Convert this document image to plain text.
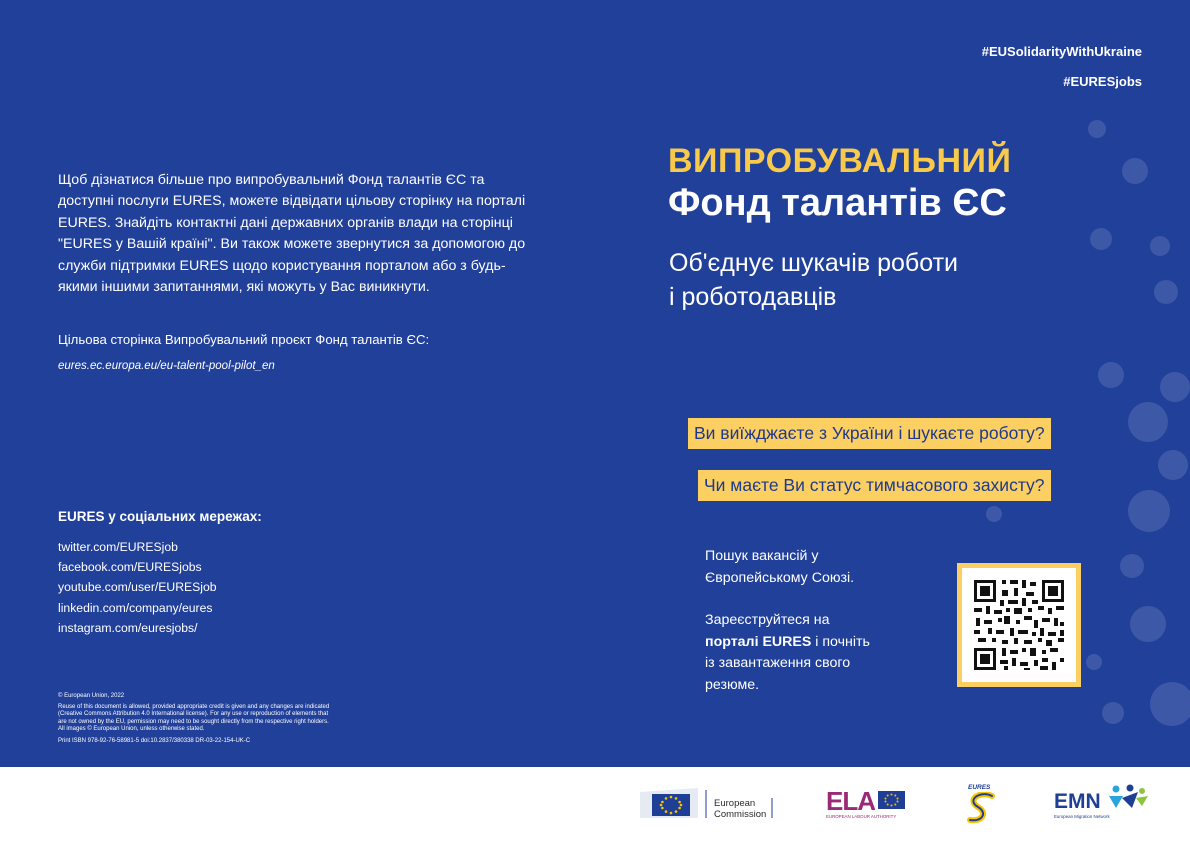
#EUSolidarityWithUkraine
#EURESjobs
Щоб дізнатися більше про випробувальний Фонд талантів ЄС та доступні послуги EURES, можете відвідати цільову сторінку на порталі EURES. Знайдіть контактні дані державних органів влади на сторінці "EURES у Вашій країні". Ви також можете звернутися за допомогою до служби підтримки EURES щодо користування порталом або з будь-якими іншими запитаннями, які можуть у Вас виникнути.
Цільова сторінка Випробувальний проєкт Фонд талантів ЄС:
eures.ec.europa.eu/eu-talent-pool-pilot_en
EURES у соціальних мережах:
twitter.com/EURESjob
facebook.com/EURESjobs
youtube.com/user/EURESjob
linkedin.com/company/eures
instagram.com/euresjobs/
© European Union, 2022
Reuse of this document is allowed, provided appropriate credit is given and any changes are indicated
(Creative Commons Attribution 4.0 International license). For any use or reproduction of elements that
are not owned by the EU, permission may need to be sought directly from the respective right holders.
All images © European Union, unless otherwise stated.
Print ISBN 978-92-76-58981-5 doi:10.2837/380338 DR-03-22-154-UK-C
ВИПРОБУВАЛЬНИЙ
Фонд талантів ЄС
Об'єднує шукачів роботи
і роботодавців
Ви виїжджаєте з України і шукаєте роботу?
Чи маєте Ви статус тимчасового захисту?
Пошук вакансій у
Європейському Союзі.
Зареєструйтеся на
порталі EURES і почніть
із завантаження свого
резюме.
European
Commission ELA
EUROPEAN LABOUR AUTHORITY
EURES
EMN
European Migration Network
